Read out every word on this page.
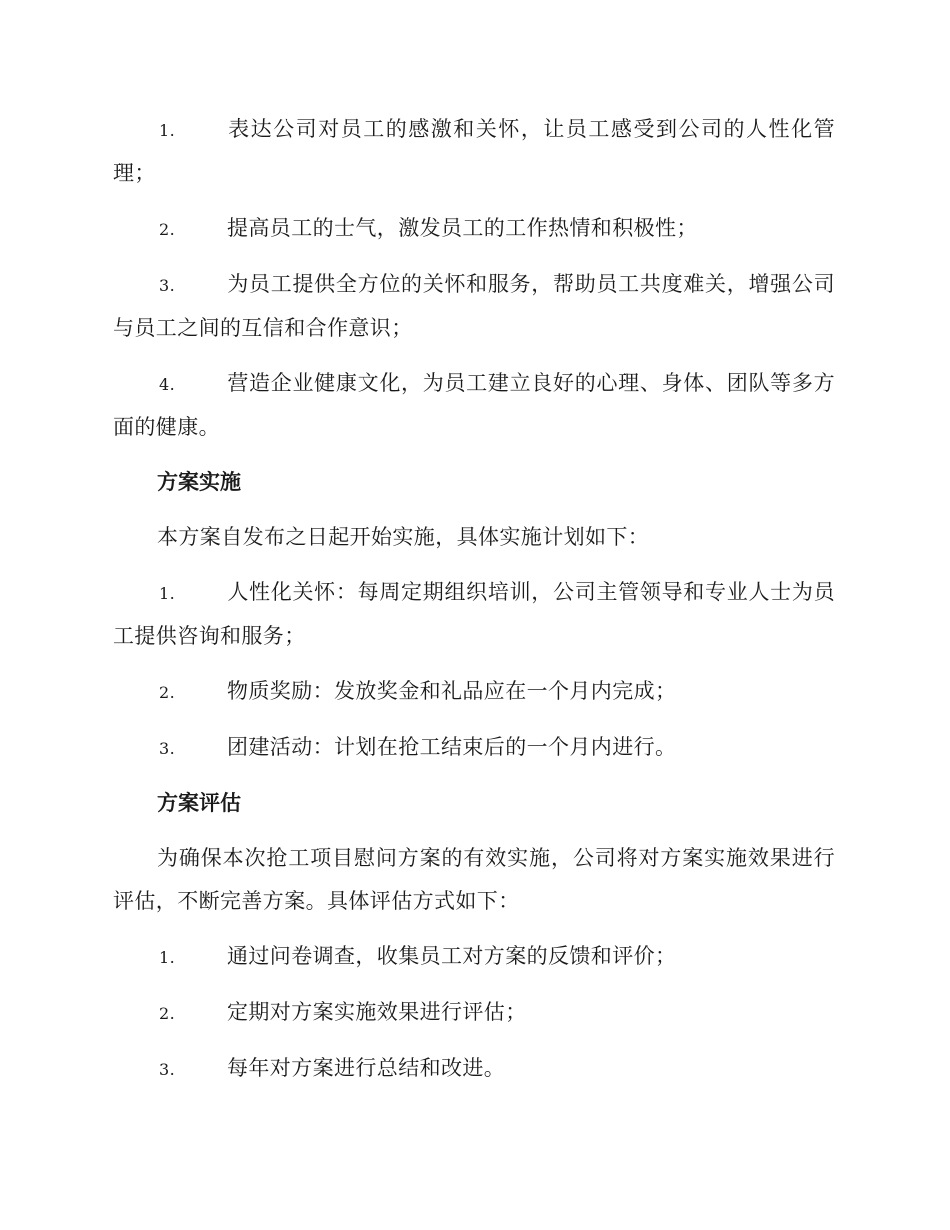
1. 表达公司对员工的感激和关怀，让员工感受到公司的人性化管理；

2. 提高员工的士气，激发员工的工作热情和积极性；

3. 为员工提供全方位的关怀和服务，帮助员工共度难关，增强公司与员工之间的互信和合作意识；

4. 营造企业健康文化，为员工建立良好的心理、身体、团队等多方面的健康。

方案实施

本方案自发布之日起开始实施，具体实施计划如下：

1. 人性化关怀：每周定期组织培训，公司主管领导和专业人士为员工提供咨询和服务；

2. 物质奖励：发放奖金和礼品应在一个月内完成；

3. 团建活动：计划在抢工结束后的一个月内进行。

方案评估

为确保本次抢工项目慰问方案的有效实施，公司将对方案实施效果进行评估，不断完善方案。具体评估方式如下：

1. 通过问卷调查，收集员工对方案的反馈和评价；

2. 定期对方案实施效果进行评估；

3. 每年对方案进行总结和改进。
